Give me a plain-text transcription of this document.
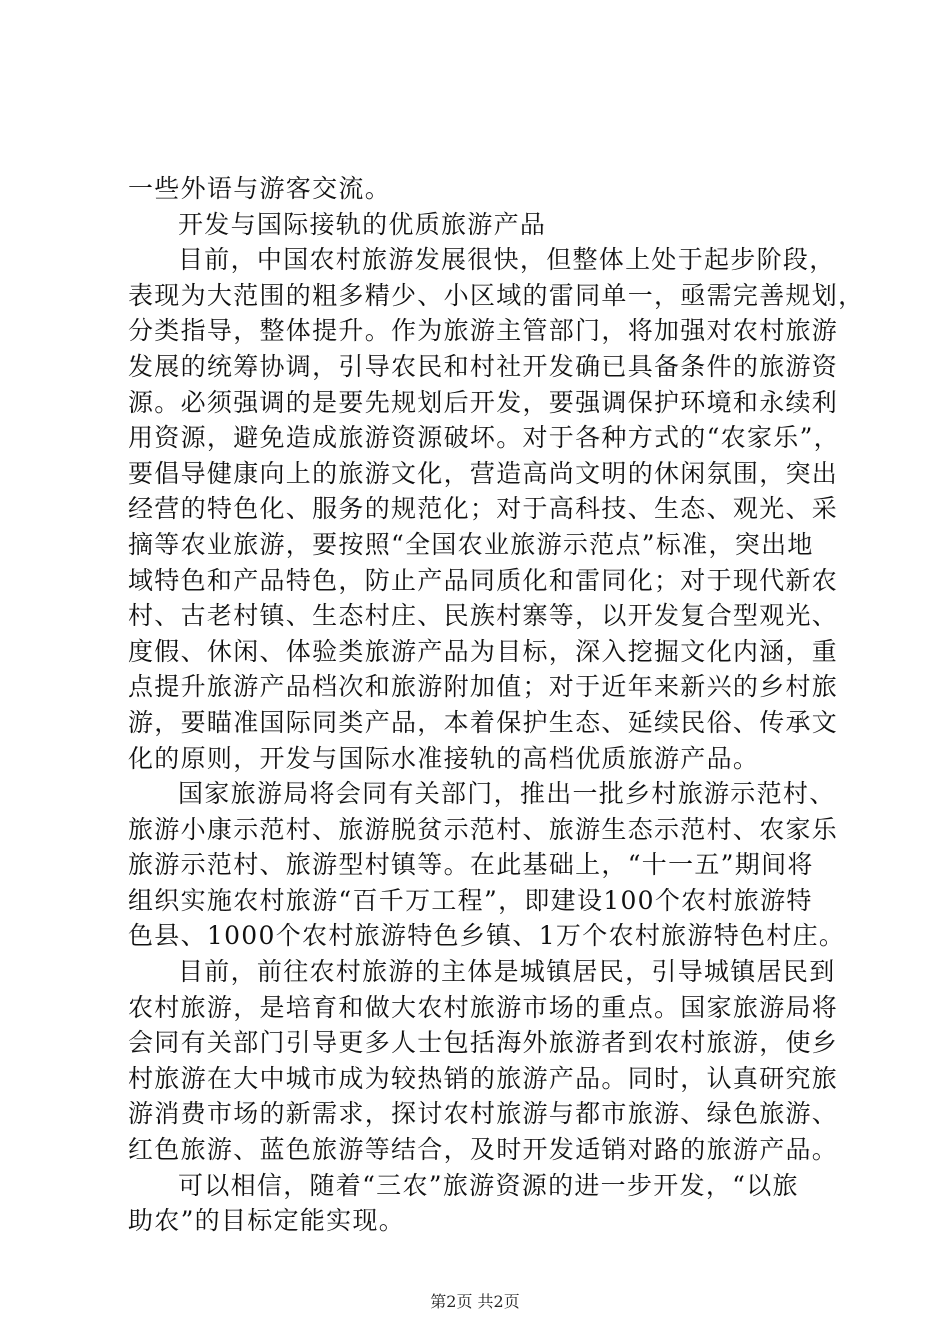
一些外语与游客交流。
开发与国际接轨的优质旅游产品
目前，中国农村旅游发展很快，但整体上处于起步阶段，
表现为大范围的粗多精少、小区域的雷同单一，亟需完善规划，
分类指导，整体提升。作为旅游主管部门，将加强对农村旅游
发展的统筹协调，引导农民和村社开发确已具备条件的旅游资
源。必须强调的是要先规划后开发，要强调保护环境和永续利
用资源，避免造成旅游资源破坏。对于各种方式的“农家乐”，
要倡导健康向上的旅游文化，营造高尚文明的休闲氛围，突出
经营的特色化、服务的规范化；对于高科技、生态、观光、采
摘等农业旅游，要按照“全国农业旅游示范点”标准，突出地
域特色和产品特色，防止产品同质化和雷同化；对于现代新农
村、古老村镇、生态村庄、民族村寨等，以开发复合型观光、
度假、休闲、体验类旅游产品为目标，深入挖掘文化内涵，重
点提升旅游产品档次和旅游附加值；对于近年来新兴的乡村旅
游，要瞄准国际同类产品，本着保护生态、延续民俗、传承文
化的原则，开发与国际水准接轨的高档优质旅游产品。
国家旅游局将会同有关部门，推出一批乡村旅游示范村、
旅游小康示范村、旅游脱贫示范村、旅游生态示范村、农家乐
旅游示范村、旅游型村镇等。在此基础上，“十一五”期间将
组织实施农村旅游“百千万工程”，即建设100个农村旅游特
色县、1000个农村旅游特色乡镇、1万个农村旅游特色村庄。
目前，前往农村旅游的主体是城镇居民，引导城镇居民到
农村旅游，是培育和做大农村旅游市场的重点。国家旅游局将
会同有关部门引导更多人士包括海外旅游者到农村旅游，使乡
村旅游在大中城市成为较热销的旅游产品。同时，认真研究旅
游消费市场的新需求，探讨农村旅游与都市旅游、绿色旅游、
红色旅游、蓝色旅游等结合，及时开发适销对路的旅游产品。
可以相信，随着“三农”旅游资源的进一步开发，“以旅
助农”的目标定能实现。
第2页 共2页
